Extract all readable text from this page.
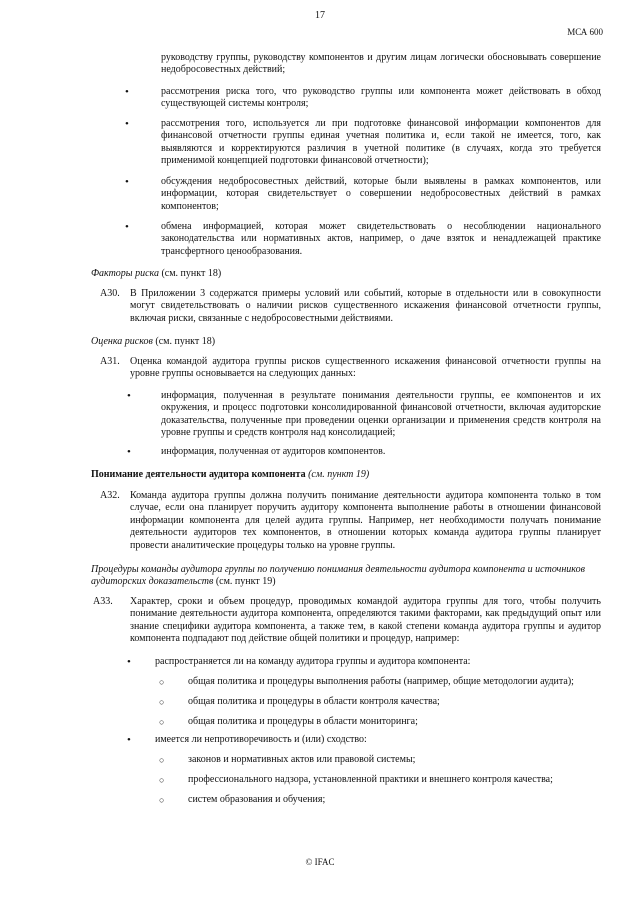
17
МСА 600
руководству группы, руководству компонентов и другим лицам логически обосновывать совершение недобросовестных действий;
•	рассмотрения риска того, что руководство группы или компонента может действовать в обход существующей системы контроля;
•	рассмотрения того, используется ли при подготовке финансовой информации компонентов для финансовой отчетности группы единая учетная политика и, если такой не имеется, того, как выявляются и корректируются различия в учетной политике (в случаях, когда это требуется применимой концепцией подготовки финансовой отчетности);
•	обсуждения недобросовестных действий, которые были выявлены в рамках компонентов, или информации, которая свидетельствует о совершении недобросовестных действий в рамках компонентов;
•	обмена информацией, которая может свидетельствовать о несоблюдении национального законодательства или нормативных актов, например, о даче взяток и ненадлежащей практике трансфертного ценообразования.
Факторы риска (см. пункт 18)
A30. В Приложении 3 содержатся примеры условий или событий, которые в отдельности или в совокупности могут свидетельствовать о наличии рисков существенного искажения финансовой отчетности группы, включая риски, связанные с недобросовестными действиями.
Оценка рисков (см. пункт 18)
A31. Оценка командой аудитора группы рисков существенного искажения финансовой отчетности группы на уровне группы основывается на следующих данных:
•	информация, полученная в результате понимания деятельности группы, ее компонентов и их окружения, и процесс подготовки консолидированной финансовой отчетности, включая аудиторские доказательства, полученные при проведении оценки организации и применения средств контроля на уровне группы и средств контроля над консолидацией;
•	информация, полученная от аудиторов компонентов.
Понимание деятельности аудитора компонента (см. пункт 19)
A32. Команда аудитора группы должна получить понимание деятельности аудитора компонента только в том случае, если она планирует поручить аудитору компонента выполнение работы в отношении финансовой информации компонента для целей аудита группы. Например, нет необходимости получать понимание деятельности аудиторов тех компонентов, в отношении которых команда аудитора группы планирует провести аналитические процедуры только на уровне группы.
Процедуры команды аудитора группы по получению понимания деятельности аудитора компонента и источников аудиторских доказательств (см. пункт 19)
A33. Характер, сроки и объем процедур, проводимых командой аудитора группы для того, чтобы получить понимание деятельности аудитора компонента, определяются такими факторами, как предыдущий опыт или знание специфики аудитора компонента, а также тем, в какой степени команда аудитора группы и аудитор компонента подпадают под действие общей политики и процедур, например:
• распространяется ли на команду аудитора группы и аудитора компонента:
○ общая политика и процедуры выполнения работы (например, общие методологии аудита);
○ общая политика и процедуры в области контроля качества;
○ общая политика и процедуры в области мониторинга;
• имеется ли непротиворечивость и (или) сходство:
○ законов и нормативных актов или правовой системы;
○ профессионального надзора, установленной практики и внешнего контроля качества;
○ систем образования и обучения;
© IFAC
